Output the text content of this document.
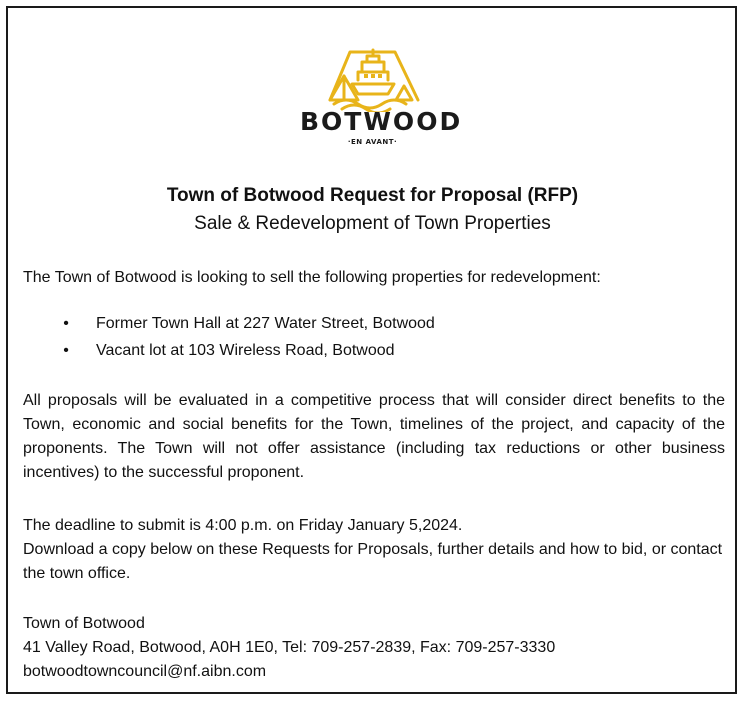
BOTWOOD
·EN AVANT·
Town of Botwood Request for Proposal (RFP)
Sale & Redevelopment of Town Properties

The Town of Botwood is looking to sell the following properties for redevelopment:

• Former Town Hall at 227 Water Street, Botwood
• Vacant lot at 103 Wireless Road, Botwood

All proposals will be evaluated in a competitive process that will consider direct benefits to the Town, economic and social benefits for the Town, timelines of the project, and capacity of the proponents. The Town will not offer assistance (including tax reductions or other business incentives) to the successful proponent.

The deadline to submit is 4:00 p.m. on Friday January 5,2024.
Download a copy below on these Requests for Proposals, further details and how to bid, or contact the town office.
Town of Botwood
41 Valley Road, Botwood, A0H 1E0, Tel: 709-257-2839, Fax: 709-257-3330
botwoodtowncouncil@nf.aibn.com
